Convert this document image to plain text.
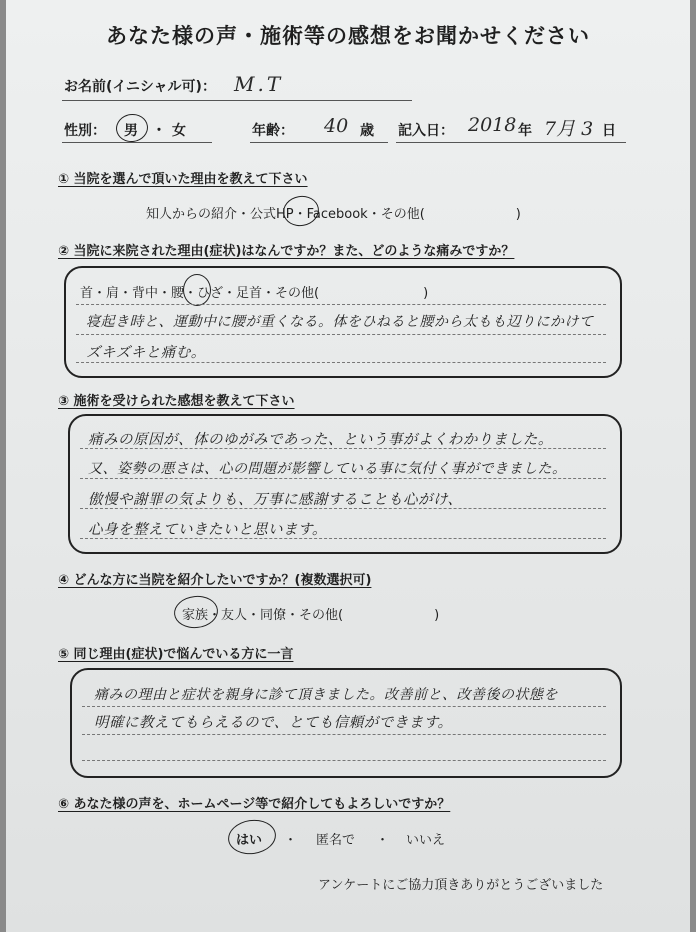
あなた様の声・施術等の感想をお聞かせください
お名前(イニシャル可)： M.T
性別： 男 ・ 女	年齢： 40 歳 記入日： 2018 年 7月 3 日
① 当院を選んで頂いた理由を教えて下さい
知人からの紹介・公式HP・Facebook・その他(　　　　　　　)
② 当院に来院された理由(症状)はなんですか？また、どのような痛みですか？
首・肩・背中・腰・ひざ・足首・その他(　　　　　　　　)
寝起き時と、運動中に腰が重くなる。体をひねると腰から太もも辺りにかけて
ズキズキと痛む。
③ 施術を受けられた感想を教えて下さい
痛みの原因が、体のゆがみであった、という事がよくわかりました。
又、姿勢の悪さは、心の問題が影響している事に気付く事ができました。
傲慢や謝罪の気よりも、万事に感謝することも心がけ、
心身を整えていきたいと思います。
④ どんな方に当院を紹介したいですか？(複数選択可)
家族・友人・同僚・その他(　　　　　　　)
⑤ 同じ理由(症状)で悩んでいる方に一言
痛みの理由と症状を親身に診て頂きました。改善前と、改善後の状態を
明確に教えてもらえるので、とても信頼ができます。
⑥ あなた様の声を、ホームページ等で紹介してもよろしいですか？
はい ・ 匿名で ・ いいえ
アンケートにご協力頂きありがとうございました
